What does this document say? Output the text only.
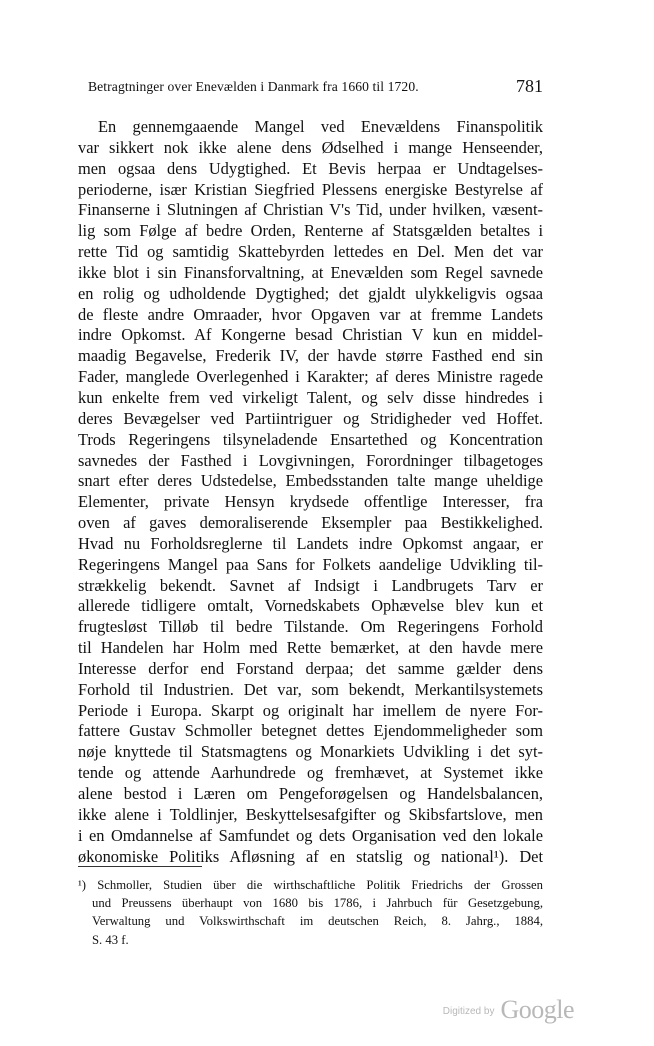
Betragtninger over Enevælden i Danmark fra 1660 til 1720.	781
En gennemgaaende Mangel ved Enevældens Finanspolitik
var sikkert nok ikke alene dens Ødselhed i mange Henseender,
men ogsaa dens Udygtighed. Et Bevis herpaa er Undtagelses-
perioderne, især Kristian Siegfried Plessens energiske Bestyrelse af
Finanserne i Slutningen af Christian V's Tid, under hvilken, væsent-
lig som Følge af bedre Orden, Renterne af Statsgælden betaltes i
rette Tid og samtidig Skattebyrden lettedes en Del. Men det var
ikke blot i sin Finansforvaltning, at Enevælden som Regel savnede
en rolig og udholdende Dygtighed; det gjaldt ulykkeligvis ogsaa
de fleste andre Omraader, hvor Opgaven var at fremme Landets
indre Opkomst. Af Kongerne besad Christian V kun en middel-
maadig Begavelse, Frederik IV, der havde større Fasthed end sin
Fader, manglede Overlegenhed i Karakter; af deres Ministre ragede
kun enkelte frem ved virkeligt Talent, og selv disse hindredes i
deres Bevægelser ved Partiintriguer og Stridigheder ved Hoffet.
Trods Regeringens tilsyneladende Ensartethed og Koncentration
savnedes der Fasthed i Lovgivningen, Forordninger tilbagetoges
snart efter deres Udstedelse, Embedsstanden talte mange uheldige
Elementer, private Hensyn krydsede offentlige Interesser, fra
oven af gaves demoraliserende Eksempler paa Bestikkelighed.
Hvad nu Forholdsreglerne til Landets indre Opkomst angaar, er
Regeringens Mangel paa Sans for Folkets aandelige Udvikling til-
strækkelig bekendt. Savnet af Indsigt i Landbrugets Tarv er
allerede tidligere omtalt, Vornedskabets Ophævelse blev kun et
frugtesløst Tilløb til bedre Tilstande. Om Regeringens Forhold
til Handelen har Holm med Rette bemærket, at den havde mere
Interesse derfor end Forstand derpaa; det samme gælder dens
Forhold til Industrien. Det var, som bekendt, Merkantilsystemets
Periode i Europa. Skarpt og originalt har imellem de nyere For-
fattere Gustav Schmoller betegnet dettes Ejendommeligheder som
nøje knyttede til Statsmagtens og Monarkiets Udvikling i det syt-
tende og attende Aarhundrede og fremhævet, at Systemet ikke
alene bestod i Læren om Pengeforøgelsen og Handelsbalancen,
ikke alene i Toldlinjer, Beskyttelsesafgifter og Skibsfartslove, men
i en Omdannelse af Samfundet og dets Organisation ved den lokale
økonomiske Politiks Afløsning af en statslig og national¹). Det
¹) Schmoller, Studien über die wirthschaftliche Politik Friedrichs der Grossen
und Preussens überhaupt von 1680 bis 1786, i Jahrbuch für Gesetzgebung,
Verwaltung und Volkswirthschaft im deutschen Reich, 8. Jahrg., 1884,
S. 43 f.
$^{Digitized by}$ Google
